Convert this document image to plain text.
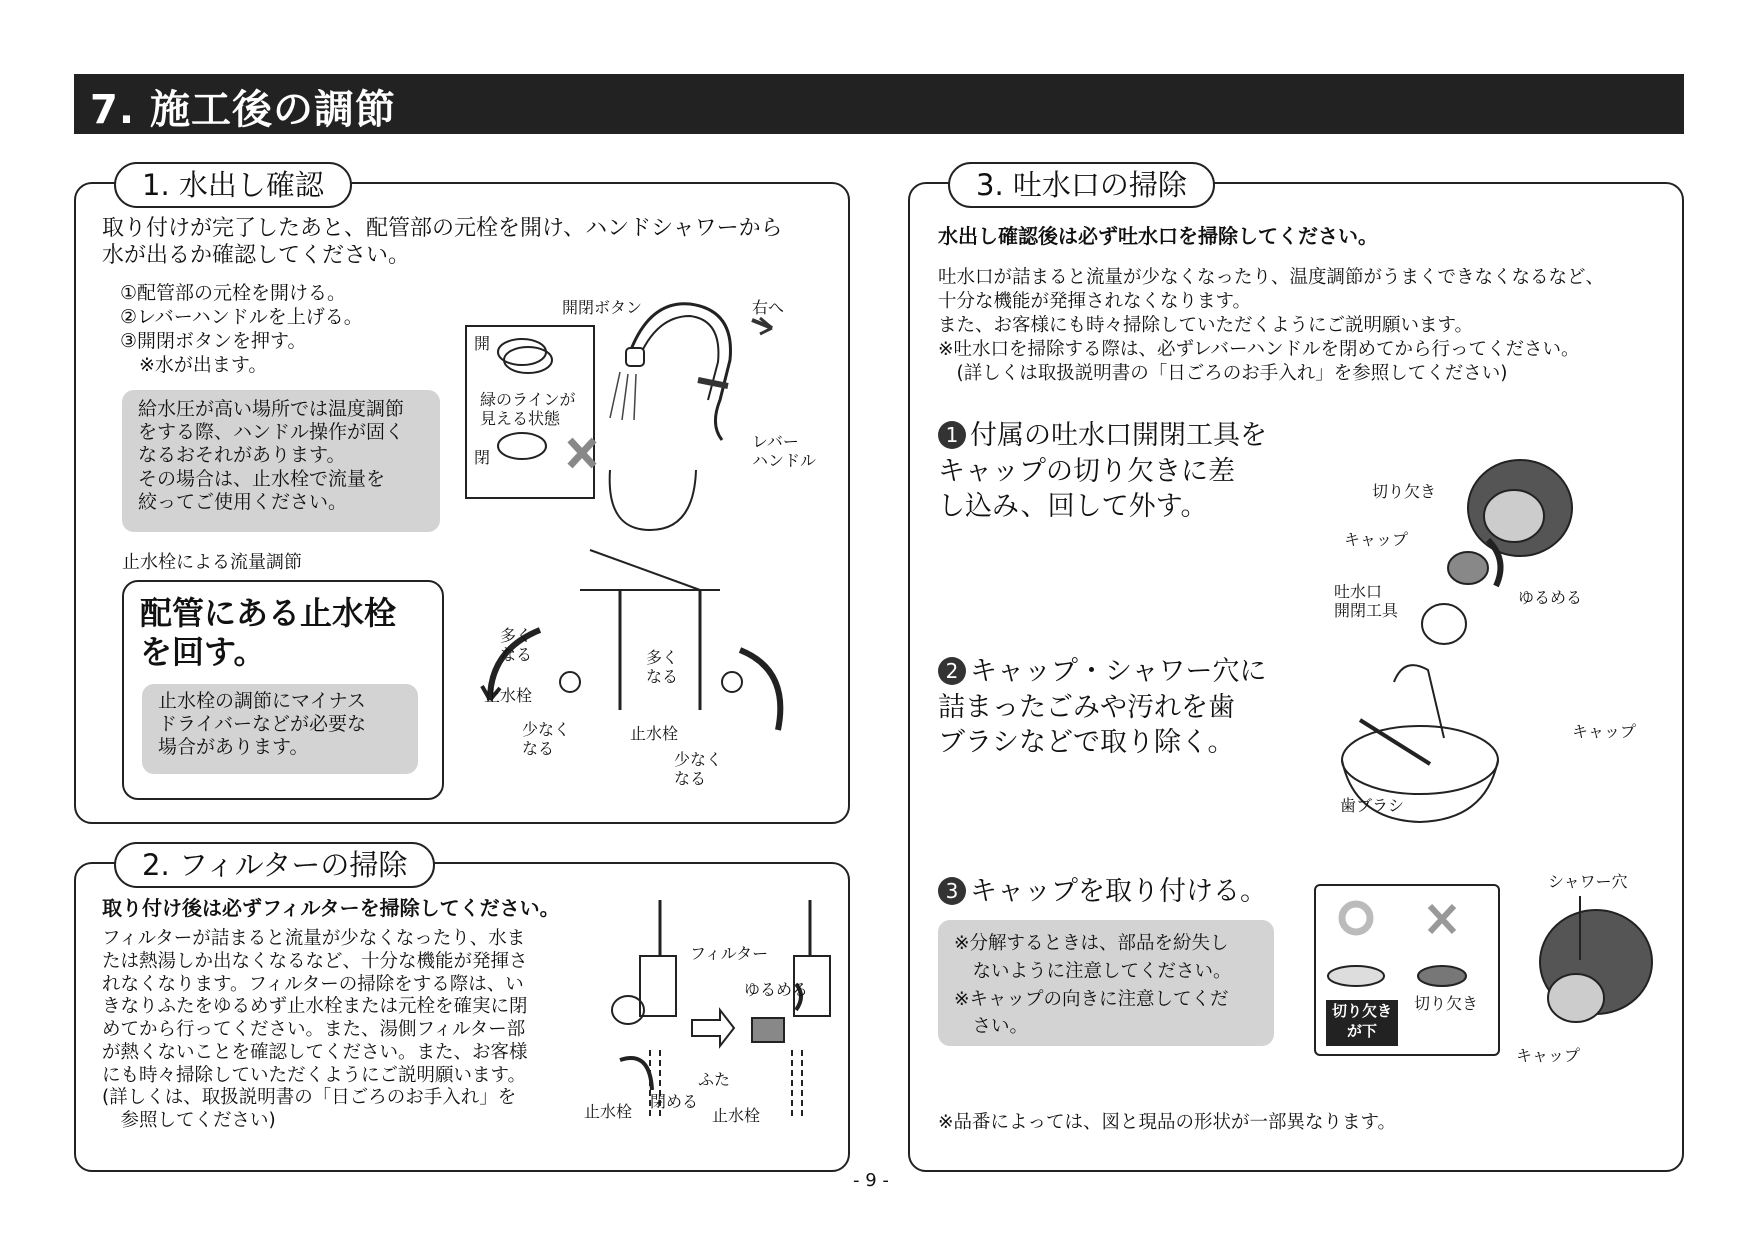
7. 施工後の調節
1. 水出し確認
取り付けが完了したあと、配管部の元栓を開け、ハンドシャワーから
水が出るか確認してください。
①配管部の元栓を開ける。
②レバーハンドルを上げる。
③開閉ボタンを押す。
　※水が出ます。
給水圧が高い場所では温度調節
をする際、ハンドル操作が固く
なるおそれがあります。
その場合は、止水栓で流量を
絞ってご使用ください。
止水栓による流量調節
配管にある止水栓
を回す。
止水栓の調節にマイナス
ドライバーなどが必要な
場合があります。
開閉ボタン	右へ
開
緑のラインが
見える状態
閉
レバー
ハンドル
多く
なる	多く
なる
止水栓
止水栓
少なく
なる
少なく
なる
2. フィルターの掃除
取り付け後は必ずフィルターを掃除してください。
フィルターが詰まると流量が少なくなったり、水ま
たは熱湯しか出なくなるなど、十分な機能が発揮さ
れなくなります。フィルターの掃除をする際は、い
きなりふたをゆるめず止水栓または元栓を確実に閉
めてから行ってください。また、湯側フィルター部
が熱くないことを確認してください。また、お客様
にも時々掃除していただくようにご説明願います。
(詳しくは、取扱説明書の「日ごろのお手入れ」を
　参照してください)
フィルター
ゆるめる
ふた
止水栓
閉める
止水栓
3. 吐水口の掃除
水出し確認後は必ず吐水口を掃除してください。
吐水口が詰まると流量が少なくなったり、温度調節がうまくできなくなるなど、
十分な機能が発揮されなくなります。
また、お客様にも時々掃除していただくようにご説明願います。
※吐水口を掃除する際は、必ずレバーハンドルを閉めてから行ってください。
　(詳しくは取扱説明書の「日ごろのお手入れ」を参照してください)
1 付属の吐水口開閉工具を
キャップの切り欠きに差
し込み、回して外す。
2 キャップ・シャワー穴に
詰まったごみや汚れを歯
ブラシなどで取り除く。
3 キャップを取り付ける。
切り欠き
キャップ
吐水口
開閉工具
ゆるめる
キャップ
歯ブラシ
※分解するときは、部品を紛失し
　ないように注意してください。
※キャップの向きに注意してくだ
　さい。
切り欠き
が下
切り欠き
シャワー穴
キャップ
※品番によっては、図と現品の形状が一部異なります。
- 9 -
